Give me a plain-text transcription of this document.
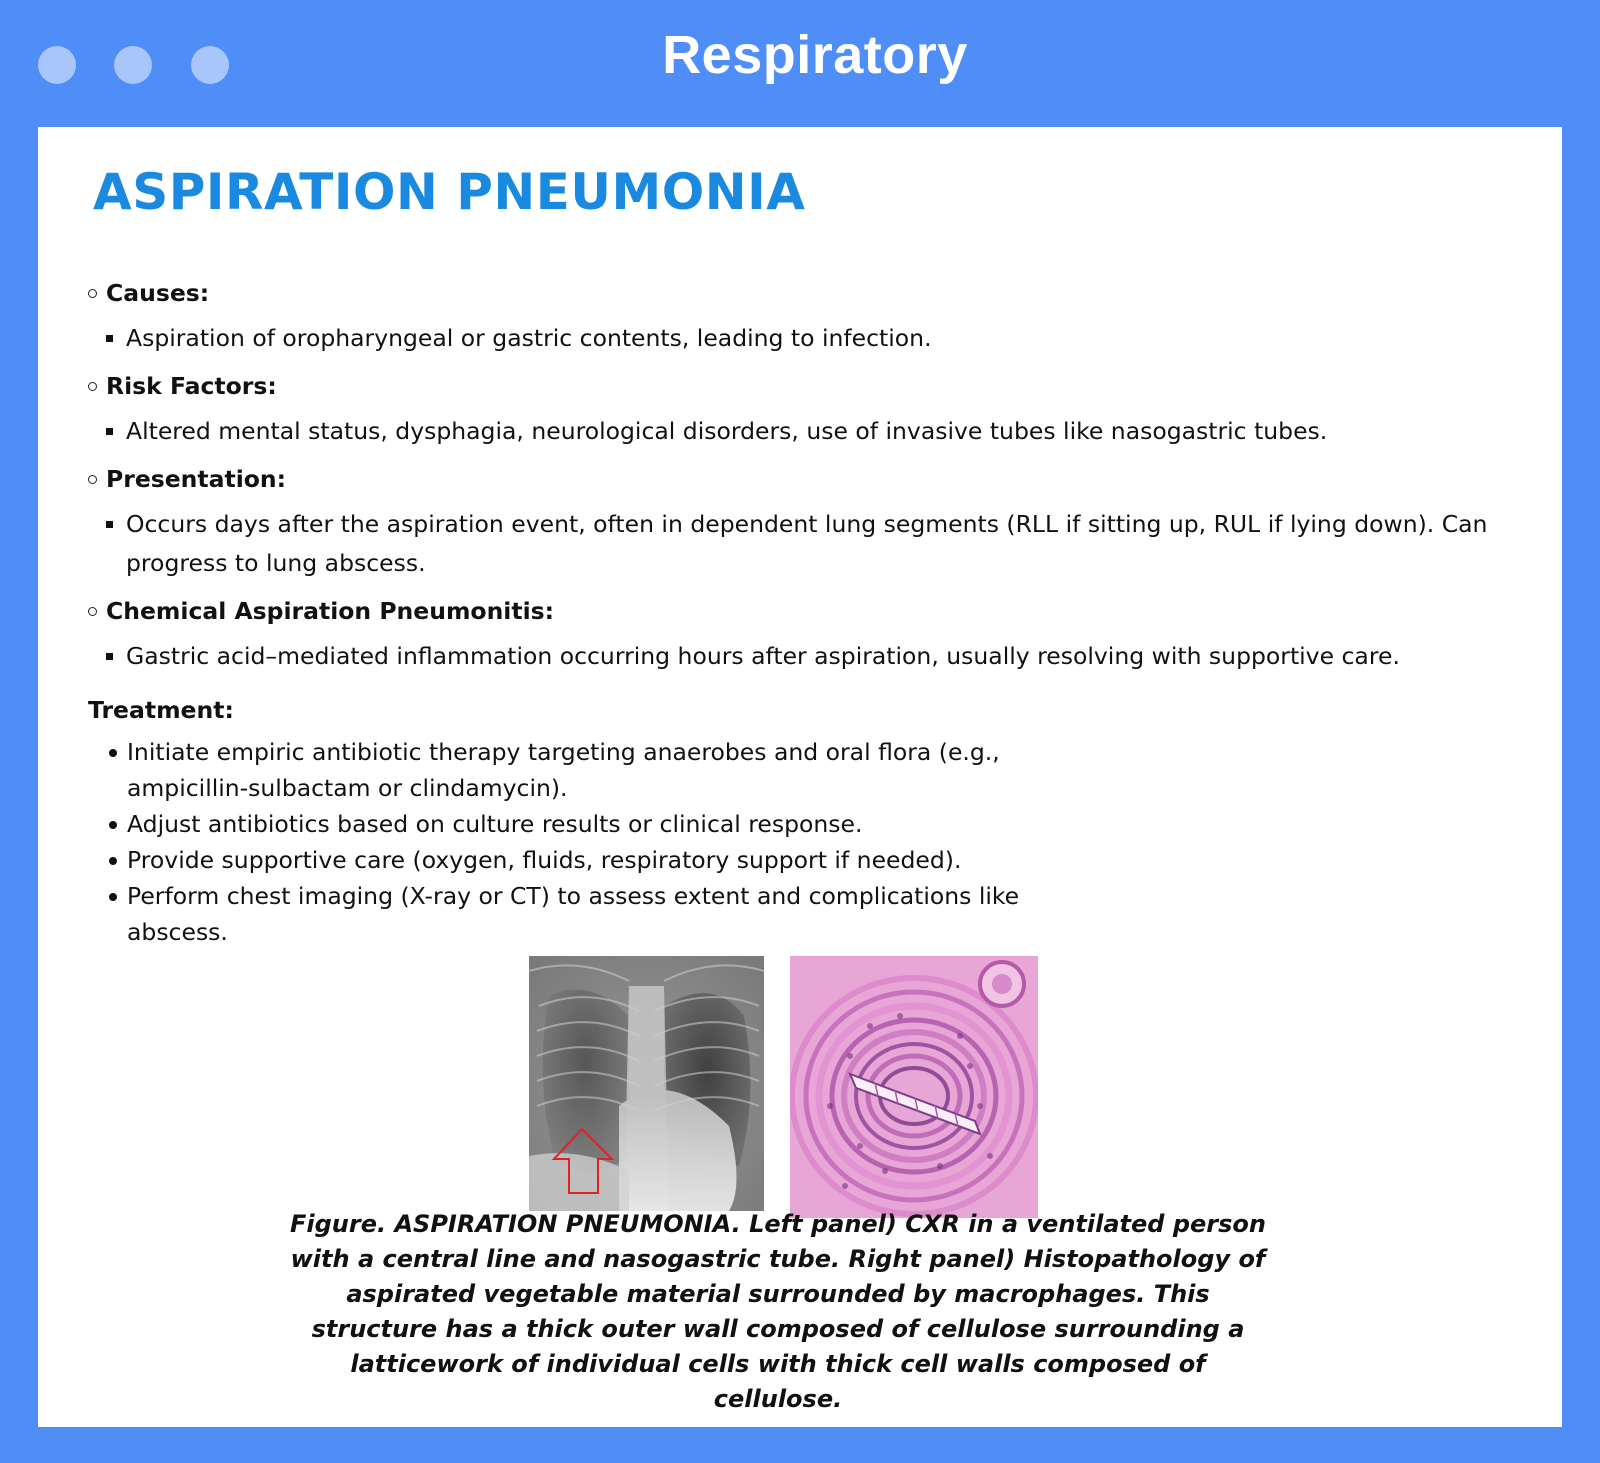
Respiratory
ASPIRATION PNEUMONIA
Causes:
Aspiration of oropharyngeal or gastric contents, leading to infection.
Risk Factors:
Altered mental status, dysphagia, neurological disorders, use of invasive tubes like nasogastric tubes.
Presentation:
Occurs days after the aspiration event, often in dependent lung segments (RLL if sitting up, RUL if lying down). Can progress to lung abscess.
Chemical Aspiration Pneumonitis:
Gastric acid–mediated inflammation occurring hours after aspiration, usually resolving with supportive care.
Treatment:
Initiate empiric antibiotic therapy targeting anaerobes and oral flora (e.g., ampicillin-sulbactam or clindamycin).
Adjust antibiotics based on culture results or clinical response.
Provide supportive care (oxygen, fluids, respiratory support if needed).
Perform chest imaging (X-ray or CT) to assess extent and complications like abscess.
Figure. ASPIRATION PNEUMONIA. Left panel) CXR in a ventilated person with a central line and nasogastric tube. Right panel) Histopathology of aspirated vegetable material surrounded by macrophages. This structure has a thick outer wall composed of cellulose surrounding a latticework of individual cells with thick cell walls composed of cellulose.
